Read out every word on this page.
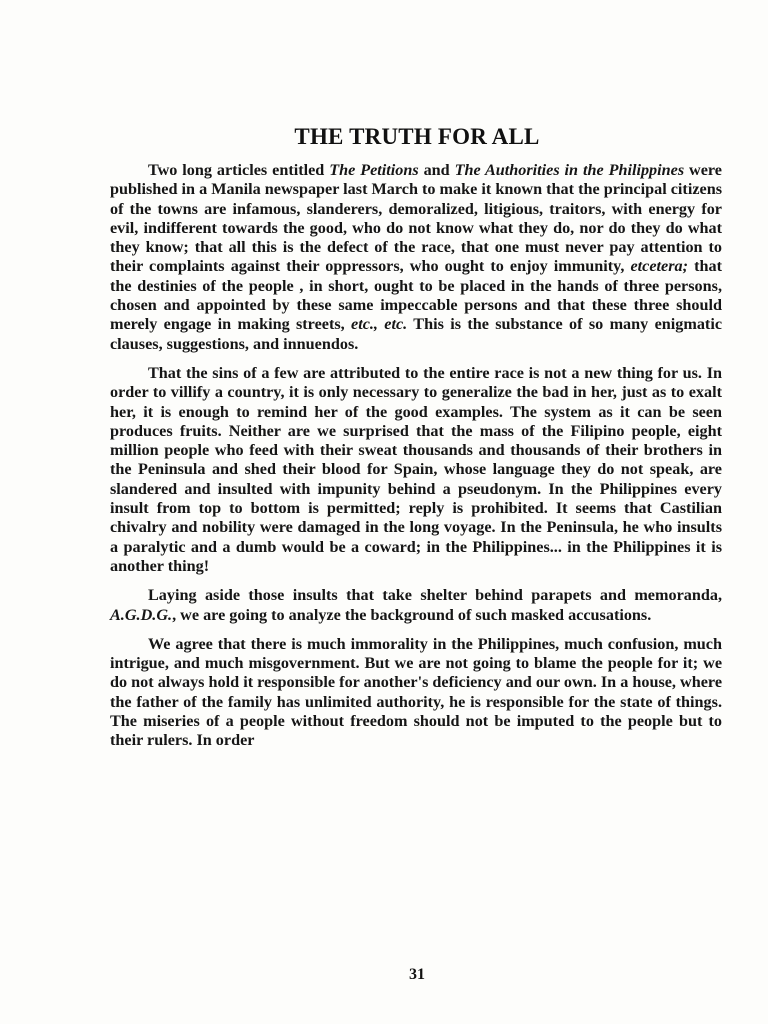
THE TRUTH FOR ALL

Two long articles entitled The Petitions and The Authorities in the Philippines were published in a Manila newspaper last March to make it known that the principal citizens of the towns are infamous, slanderers, demoralized, litigious, traitors, with energy for evil, indifferent towards the good, who do not know what they do, nor do they do what they know; that all this is the defect of the race, that one must never pay attention to their complaints against their oppressors, who ought to enjoy immunity, etcetera; that the destinies of the people , in short, ought to be placed in the hands of three persons, chosen and appointed by these same impeccable persons and that these three should merely engage in making streets, etc., etc. This is the substance of so many enigmatic clauses, suggestions, and innuendos.

That the sins of a few are attributed to the entire race is not a new thing for us. In order to villify a country, it is only necessary to generalize the bad in her, just as to exalt her, it is enough to remind her of the good examples. The system as it can be seen produces fruits. Neither are we surprised that the mass of the Filipino people, eight million people who feed with their sweat thousands and thousands of their brothers in the Peninsula and shed their blood for Spain, whose language they do not speak, are slandered and insulted with impunity behind a pseudonym. In the Philippines every insult from top to bottom is permitted; reply is prohibited. It seems that Castilian chivalry and nobility were damaged in the long voyage. In the Peninsula, he who insults a paralytic and a dumb would be a coward; in the Philippines... in the Philippines it is another thing!

Laying aside those insults that take shelter behind parapets and memoranda, A.G.D.G., we are going to analyze the background of such masked accusations.

We agree that there is much immorality in the Philippines, much confusion, much intrigue, and much misgovernment. But we are not going to blame the people for it; we do not always hold it responsible for another's deficiency and our own. In a house, where the father of the family has unlimited authority, he is responsible for the state of things. The miseries of a people without freedom should not be imputed to the people but to their rulers. In order

31
